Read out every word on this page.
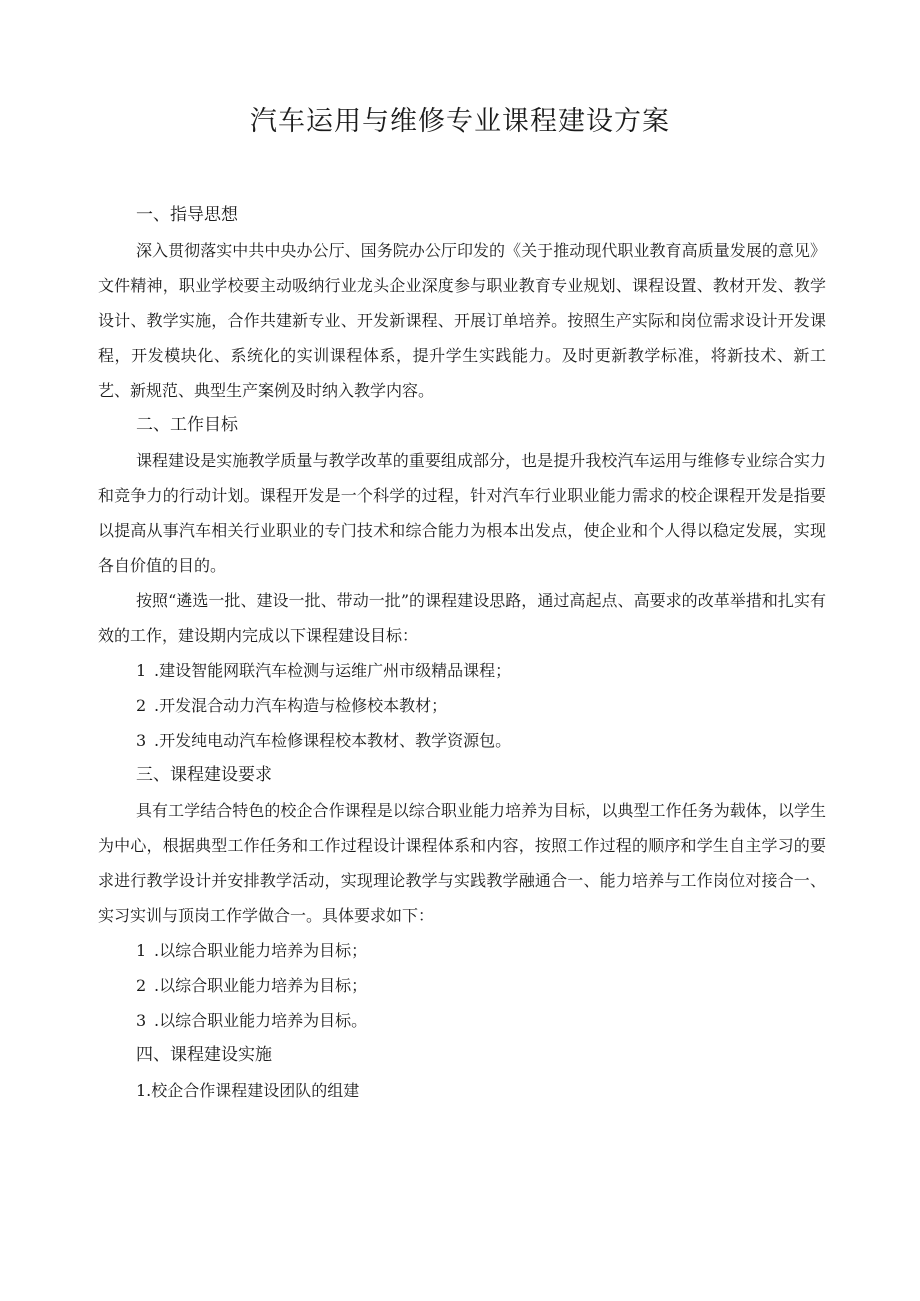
汽车运用与维修专业课程建设方案

一、指导思想

深入贯彻落实中共中央办公厅、国务院办公厅印发的《关于推动现代职业教育高质量发展的意见》文件精神，职业学校要主动吸纳行业龙头企业深度参与职业教育专业规划、课程设置、教材开发、教学设计、教学实施，合作共建新专业、开发新课程、开展订单培养。按照生产实际和岗位需求设计开发课程，开发模块化、系统化的实训课程体系，提升学生实践能力。及时更新教学标准，将新技术、新工艺、新规范、典型生产案例及时纳入教学内容。

二、工作目标

课程建设是实施教学质量与教学改革的重要组成部分，也是提升我校汽车运用与维修专业综合实力和竞争力的行动计划。课程开发是一个科学的过程，针对汽车行业职业能力需求的校企课程开发是指要以提高从事汽车相关行业职业的专门技术和综合能力为根本出发点，使企业和个人得以稳定发展，实现各自价值的目的。

按照“遴选一批、建设一批、带动一批”的课程建设思路，通过高起点、高要求的改革举措和扎实有效的工作，建设期内完成以下课程建设目标：

1 .建设智能网联汽车检测与运维广州市级精品课程；

2 .开发混合动力汽车构造与检修校本教材；

3 .开发纯电动汽车检修课程校本教材、教学资源包。

三、课程建设要求

具有工学结合特色的校企合作课程是以综合职业能力培养为目标，以典型工作任务为载体，以学生为中心，根据典型工作任务和工作过程设计课程体系和内容，按照工作过程的顺序和学生自主学习的要求进行教学设计并安排教学活动，实现理论教学与实践教学融通合一、能力培养与工作岗位对接合一、实习实训与顶岗工作学做合一。具体要求如下：

1 .以综合职业能力培养为目标；

2 .以综合职业能力培养为目标；

3 .以综合职业能力培养为目标。

四、课程建设实施

1.校企合作课程建设团队的组建
